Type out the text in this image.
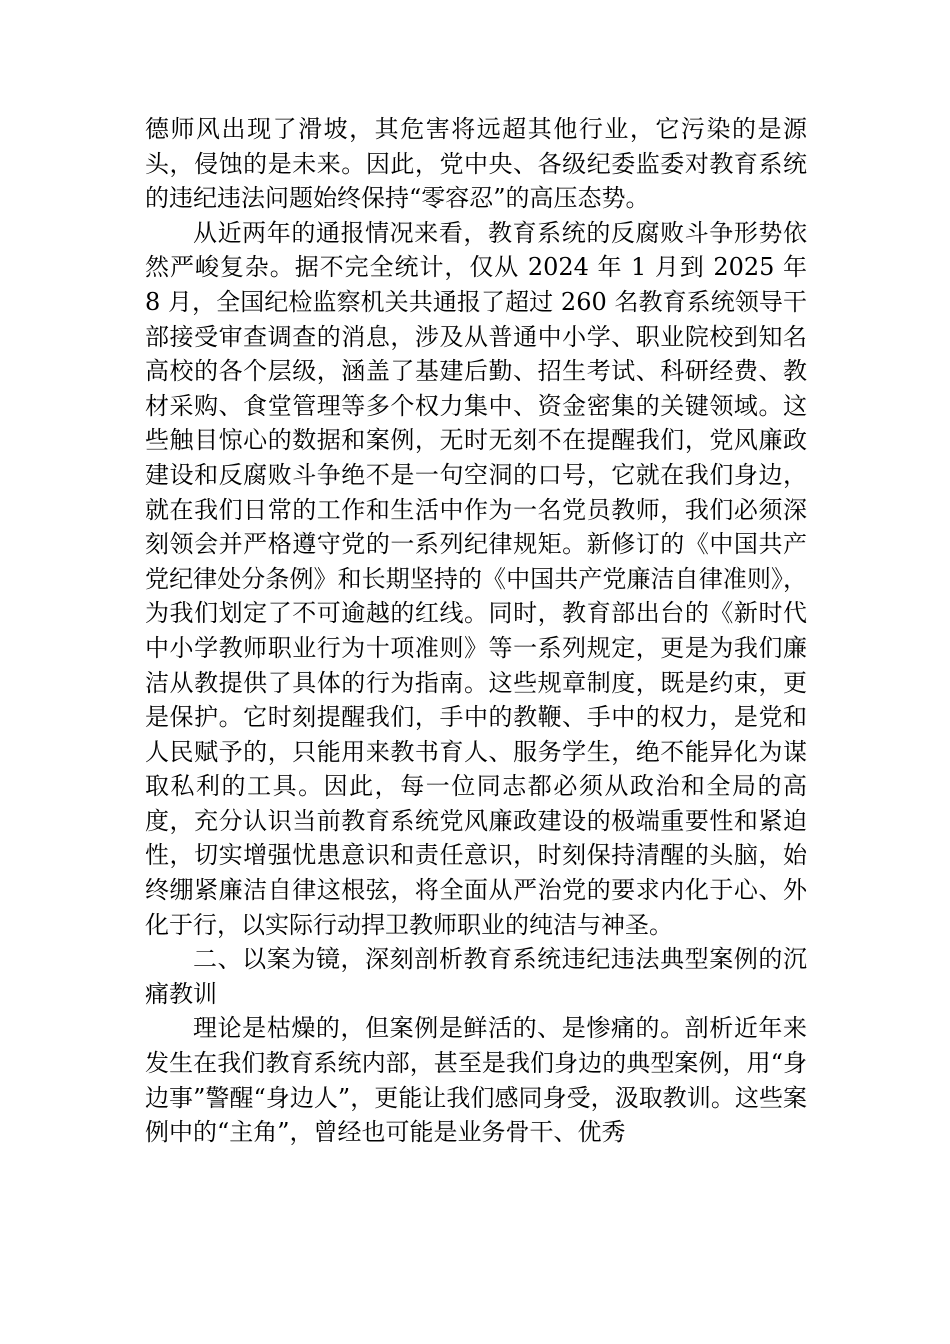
德师风出现了滑坡，其危害将远超其他行业，它污染的是源头，侵蚀的是未来。因此，党中央、各级纪委监委对教育系统的违纪违法问题始终保持“零容忍”的高压态势。

从近两年的通报情况来看，教育系统的反腐败斗争形势依然严峻复杂。据不完全统计，仅从 2024 年 1 月到 2025 年 8 月，全国纪检监察机关共通报了超过 260 名教育系统领导干部接受审查调查的消息，涉及从普通中小学、职业院校到知名高校的各个层级，涵盖了基建后勤、招生考试、科研经费、教材采购、食堂管理等多个权力集中、资金密集的关键领域。这些触目惊心的数据和案例，无时无刻不在提醒我们，党风廉政建设和反腐败斗争绝不是一句空洞的口号，它就在我们身边，就在我们日常的工作和生活中作为一名党员教师，我们必须深刻领会并严格遵守党的一系列纪律规矩。新修订的《中国共产党纪律处分条例》和长期坚持的《中国共产党廉洁自律准则》，为我们划定了不可逾越的红线。同时，教育部出台的《新时代中小学教师职业行为十项准则》等一系列规定，更是为我们廉洁从教提供了具体的行为指南。这些规章制度，既是约束，更是保护。它时刻提醒我们，手中的教鞭、手中的权力，是党和人民赋予的，只能用来教书育人、服务学生，绝不能异化为谋取私利的工具。因此，每一位同志都必须从政治和全局的高度，充分认识当前教育系统党风廉政建设的极端重要性和紧迫性，切实增强忧患意识和责任意识，时刻保持清醒的头脑，始终绷紧廉洁自律这根弦，将全面从严治党的要求内化于心、外化于行，以实际行动捍卫教师职业的纯洁与神圣。

二、以案为镜，深刻剖析教育系统违纪违法典型案例的沉痛教训

理论是枯燥的，但案例是鲜活的、是惨痛的。剖析近年来发生在我们教育系统内部，甚至是我们身边的典型案例，用“身边事”警醒“身边人”，更能让我们感同身受，汲取教训。这些案例中的“主角”，曾经也可能是业务骨干、优秀
